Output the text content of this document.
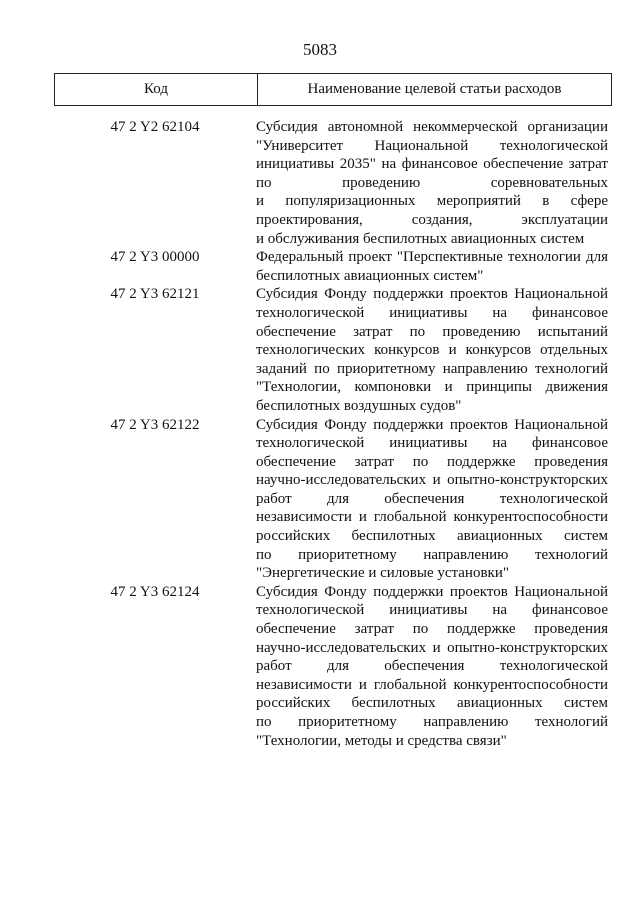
5083
Код	Наименование целевой статьи расходов
47 2 Y2 62104	Субсидия автономной некоммерческой организации
"Университет Национальной технологической
инициативы 2035" на финансовое обеспечение затрат
по проведению соревновательных
и популяризационных мероприятий в сфере
проектирования, создания, эксплуатации
и обслуживания беспилотных авиационных систем
47 2 Y3 00000	Федеральный проект "Перспективные технологии для
беспилотных авиационных систем"
47 2 Y3 62121	Субсидия Фонду поддержки проектов Национальной
технологической инициативы на финансовое
обеспечение затрат по проведению испытаний
технологических конкурсов и конкурсов отдельных
заданий по приоритетному направлению технологий
"Технологии, компоновки и принципы движения
беспилотных воздушных судов"
47 2 Y3 62122	Субсидия Фонду поддержки проектов Национальной
технологической инициативы на финансовое
обеспечение затрат по поддержке проведения
научно-исследовательских и опытно-конструкторских
работ для обеспечения технологической
независимости и глобальной конкурентоспособности
российских беспилотных авиационных систем
по приоритетному направлению технологий
"Энергетические и силовые установки"
47 2 Y3 62124	Субсидия Фонду поддержки проектов Национальной
технологической инициативы на финансовое
обеспечение затрат по поддержке проведения
научно-исследовательских и опытно-конструкторских
работ для обеспечения технологической
независимости и глобальной конкурентоспособности
российских беспилотных авиационных систем
по приоритетному направлению технологий
"Технологии, методы и средства связи"
